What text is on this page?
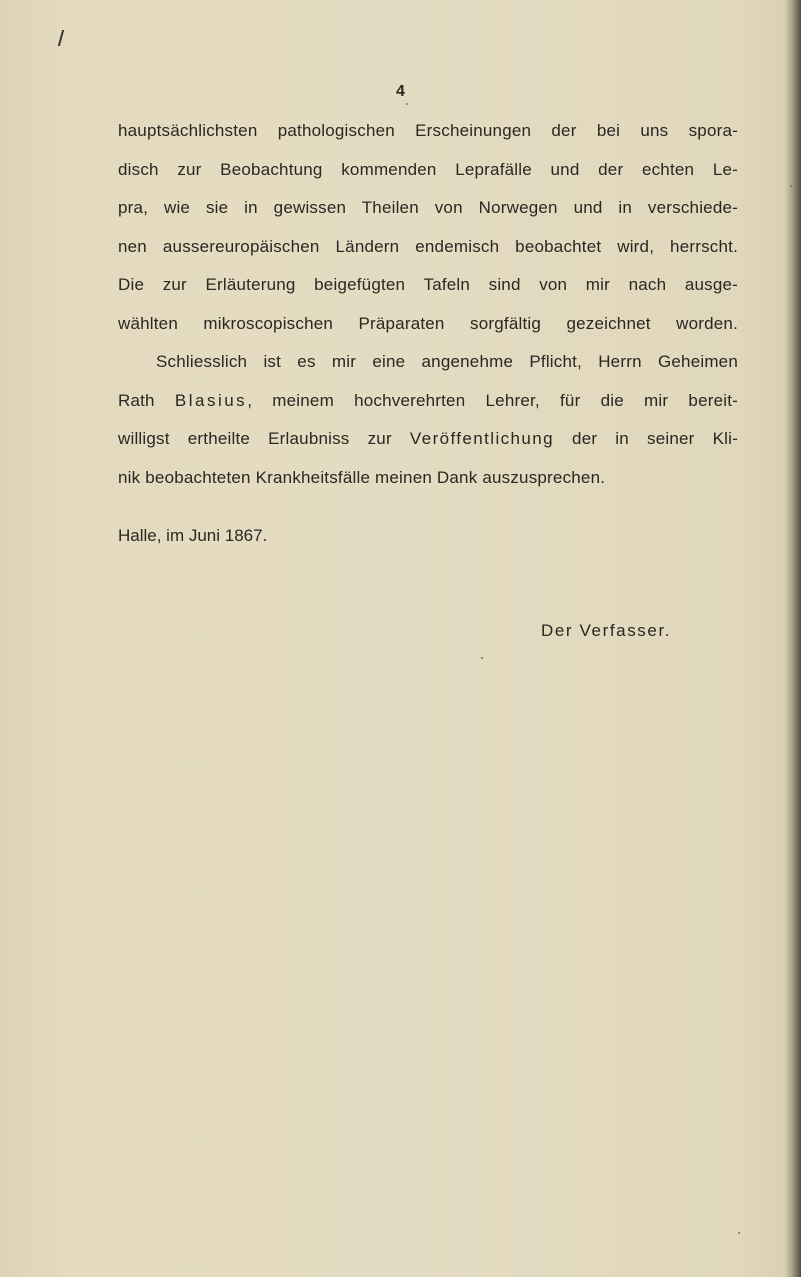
4
hauptsächlichsten pathologischen Erscheinungen der bei uns spora-
disch zur Beobachtung kommenden Leprafälle und der echten Le-
pra, wie sie in gewissen Theilen von Norwegen und in verschiede-
nen aussereuropäischen Ländern endemisch beobachtet wird, herrscht.
Die zur Erläuterung beigefügten Tafeln sind von mir nach ausge-
wählten mikroscopischen Präparaten sorgfältig gezeichnet worden.
Schliesslich ist es mir eine angenehme Pflicht, Herrn Geheimen
Rath Blasius, meinem hochverehrten Lehrer, für die mir bereit-
willigst ertheilte Erlaubniss zur Veröffentlichung der in seiner Kli-
nik beobachteten Krankheitsfälle meinen Dank auszusprechen.
Halle, im Juni 1867.
Der Verfasser.
